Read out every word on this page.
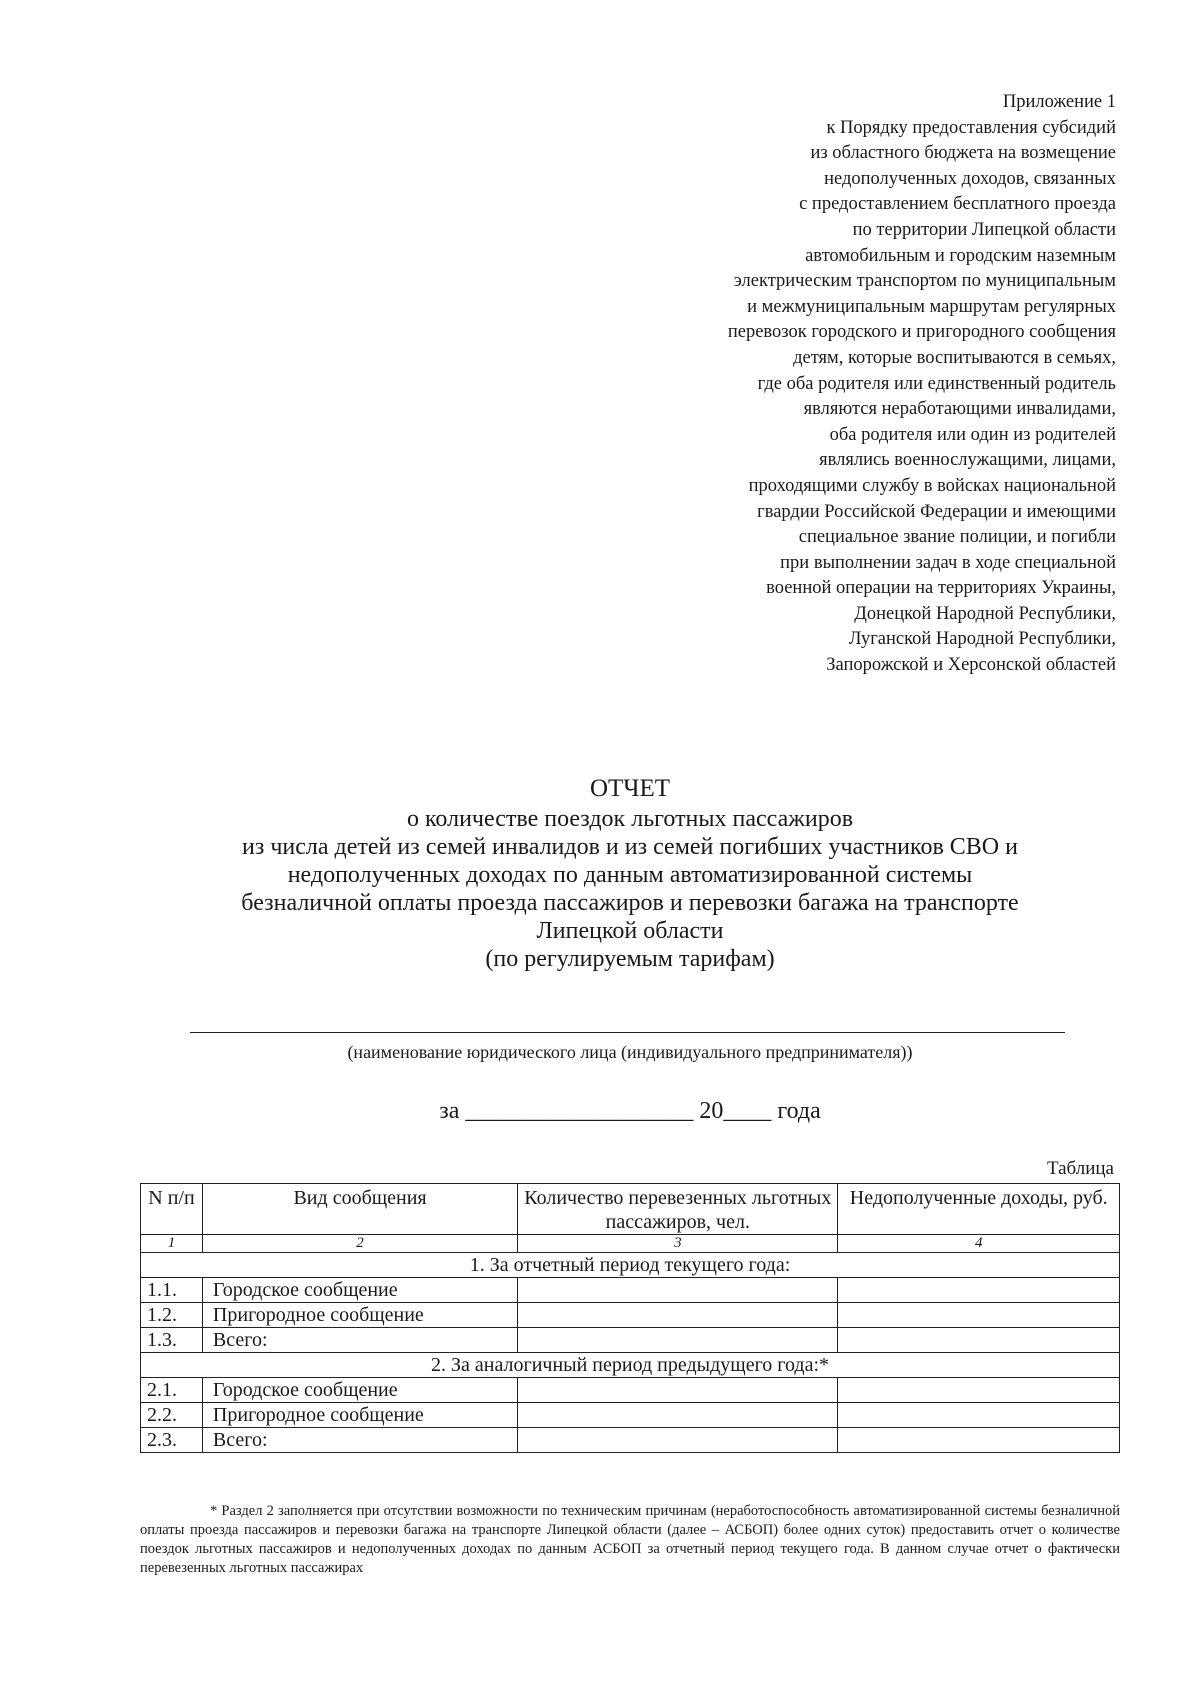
Приложение 1
к Порядку предоставления субсидий
из областного бюджета на возмещение
недополученных доходов, связанных
с предоставлением бесплатного проезда
по территории Липецкой области
автомобильным и городским наземным
электрическим транспортом по муниципальным
и межмуниципальным маршрутам регулярных
перевозок городского и пригородного сообщения
детям, которые воспитываются в семьях,
где оба родителя или единственный родитель
являются неработающими инвалидами,
оба родителя или один из родителей
являлись военнослужащими, лицами,
проходящими службу в войсках национальной
гвардии Российской Федерации и имеющими
специальное звание полиции, и погибли
при выполнении задач в ходе специальной
военной операции на территориях Украины,
Донецкой Народной Республики,
Луганской Народной Республики,
Запорожской и Херсонской областей
ОТЧЕТ
о количестве поездок льготных пассажиров
из числа детей из семей инвалидов и из семей погибших участников СВО и
недополученных доходах по данным автоматизированной системы
безналичной оплаты проезда пассажиров и перевозки багажа на транспорте
Липецкой области
(по регулируемым тарифам)
(наименование юридического лица (индивидуального предпринимателя))
за ___________________ 20____ года
Таблица
N п/п	Вид сообщения	Количество перевезенных льготных пассажиров, чел.	Недополученные доходы, руб.
1	2	3	4
1. За отчетный период текущего года:			
1.1.	Городское сообщение		
1.2.	Пригородное сообщение		
1.3.	Всего:		
2. За аналогичный период предыдущего года:*			
2.1.	Городское сообщение		
2.2.	Пригородное сообщение		
2.3.	Всего:		
* Раздел 2 заполняется при отсутствии возможности по техническим причинам (неработоспособность автоматизированной системы безналичной оплаты проезда пассажиров и перевозки багажа на транспорте Липецкой области (далее – АСБОП) более одних суток) предоставить отчет о количестве поездок льготных пассажиров и недополученных доходах по данным АСБОП за отчетный период текущего года. В данном случае отчет о фактически перевезенных льготных пассажирах
